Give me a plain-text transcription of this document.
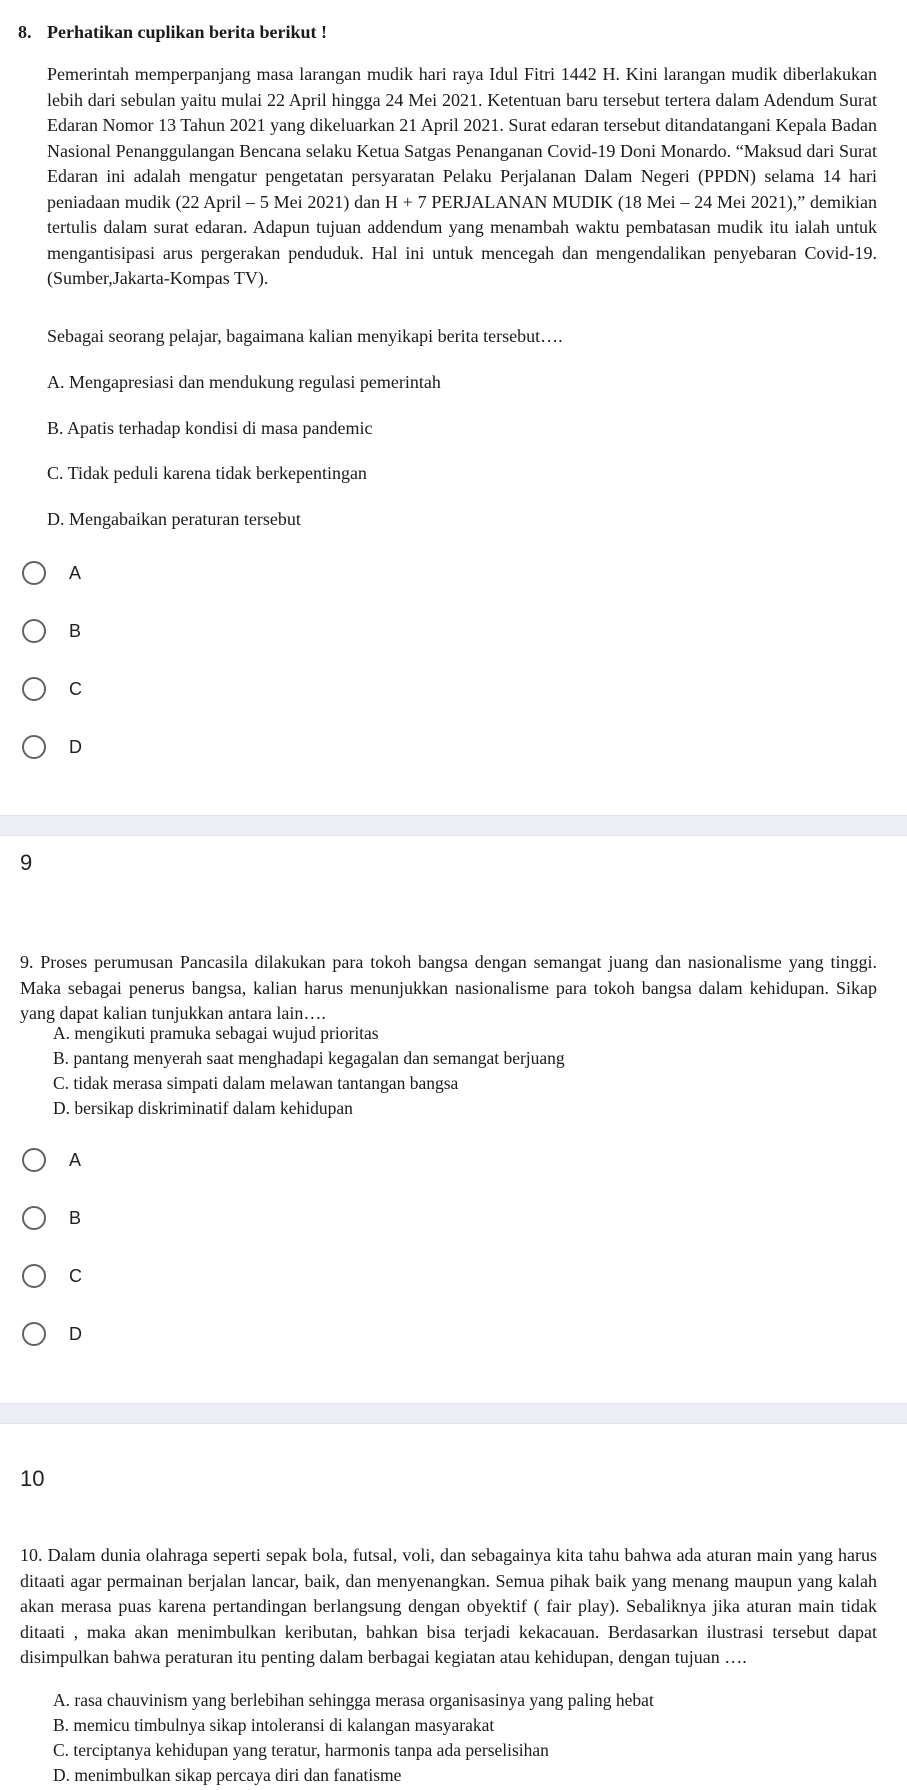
8. Perhatikan cuplikan berita berikut !
Pemerintah memperpanjang masa larangan mudik hari raya Idul Fitri 1442 H. Kini larangan mudik diberlakukan lebih dari sebulan yaitu mulai 22 April hingga 24 Mei 2021. Ketentuan baru tersebut tertera dalam Adendum Surat Edaran Nomor 13 Tahun 2021 yang dikeluarkan 21 April 2021. Surat edaran tersebut ditandatangani Kepala Badan Nasional Penanggulangan Bencana selaku Ketua Satgas Penanganan Covid-19 Doni Monardo. “Maksud dari Surat Edaran ini adalah mengatur pengetatan persyaratan Pelaku Perjalanan Dalam Negeri (PPDN) selama 14 hari peniadaan mudik (22 April – 5 Mei 2021) dan H + 7 PERJALANAN MUDIK (18 Mei – 24 Mei 2021),” demikian tertulis dalam surat edaran. Adapun tujuan addendum yang menambah waktu pembatasan mudik itu ialah untuk mengantisipasi arus pergerakan penduduk. Hal ini untuk mencegah dan mengendalikan penyebaran Covid-19. (Sumber,Jakarta-Kompas TV).
Sebagai seorang pelajar, bagaimana kalian menyikapi berita tersebut….
A. Mengapresiasi dan mendukung regulasi pemerintah
B. Apatis terhadap kondisi di masa pandemic
C. Tidak peduli karena tidak berkepentingan
D. Mengabaikan peraturan tersebut
A
B
C
D
9
9. Proses perumusan Pancasila dilakukan para tokoh bangsa dengan semangat juang dan nasionalisme yang tinggi. Maka sebagai penerus bangsa, kalian harus menunjukkan nasionalisme para tokoh bangsa dalam kehidupan. Sikap yang dapat kalian tunjukkan antara lain….
A. mengikuti pramuka sebagai wujud prioritas
B. pantang menyerah saat menghadapi kegagalan dan semangat berjuang
C. tidak merasa simpati dalam melawan tantangan bangsa
D. bersikap diskriminatif dalam kehidupan
A
B
C
D
10
10. Dalam dunia olahraga seperti sepak bola, futsal, voli, dan sebagainya kita tahu bahwa ada aturan main yang harus ditaati agar permainan berjalan lancar, baik, dan menyenangkan. Semua pihak baik yang menang maupun yang kalah akan merasa puas karena pertandingan berlangsung dengan obyektif ( fair play). Sebaliknya jika aturan main tidak ditaati , maka akan menimbulkan keributan, bahkan bisa terjadi kekacauan. Berdasarkan ilustrasi tersebut dapat disimpulkan bahwa peraturan itu penting dalam berbagai kegiatan atau kehidupan, dengan tujuan ….
A. rasa chauvinism yang berlebihan sehingga merasa organisasinya yang paling hebat
B. memicu timbulnya sikap intoleransi di kalangan masyarakat
C. terciptanya kehidupan yang teratur, harmonis tanpa ada perselisihan
D. menimbulkan sikap percaya diri dan fanatisme
